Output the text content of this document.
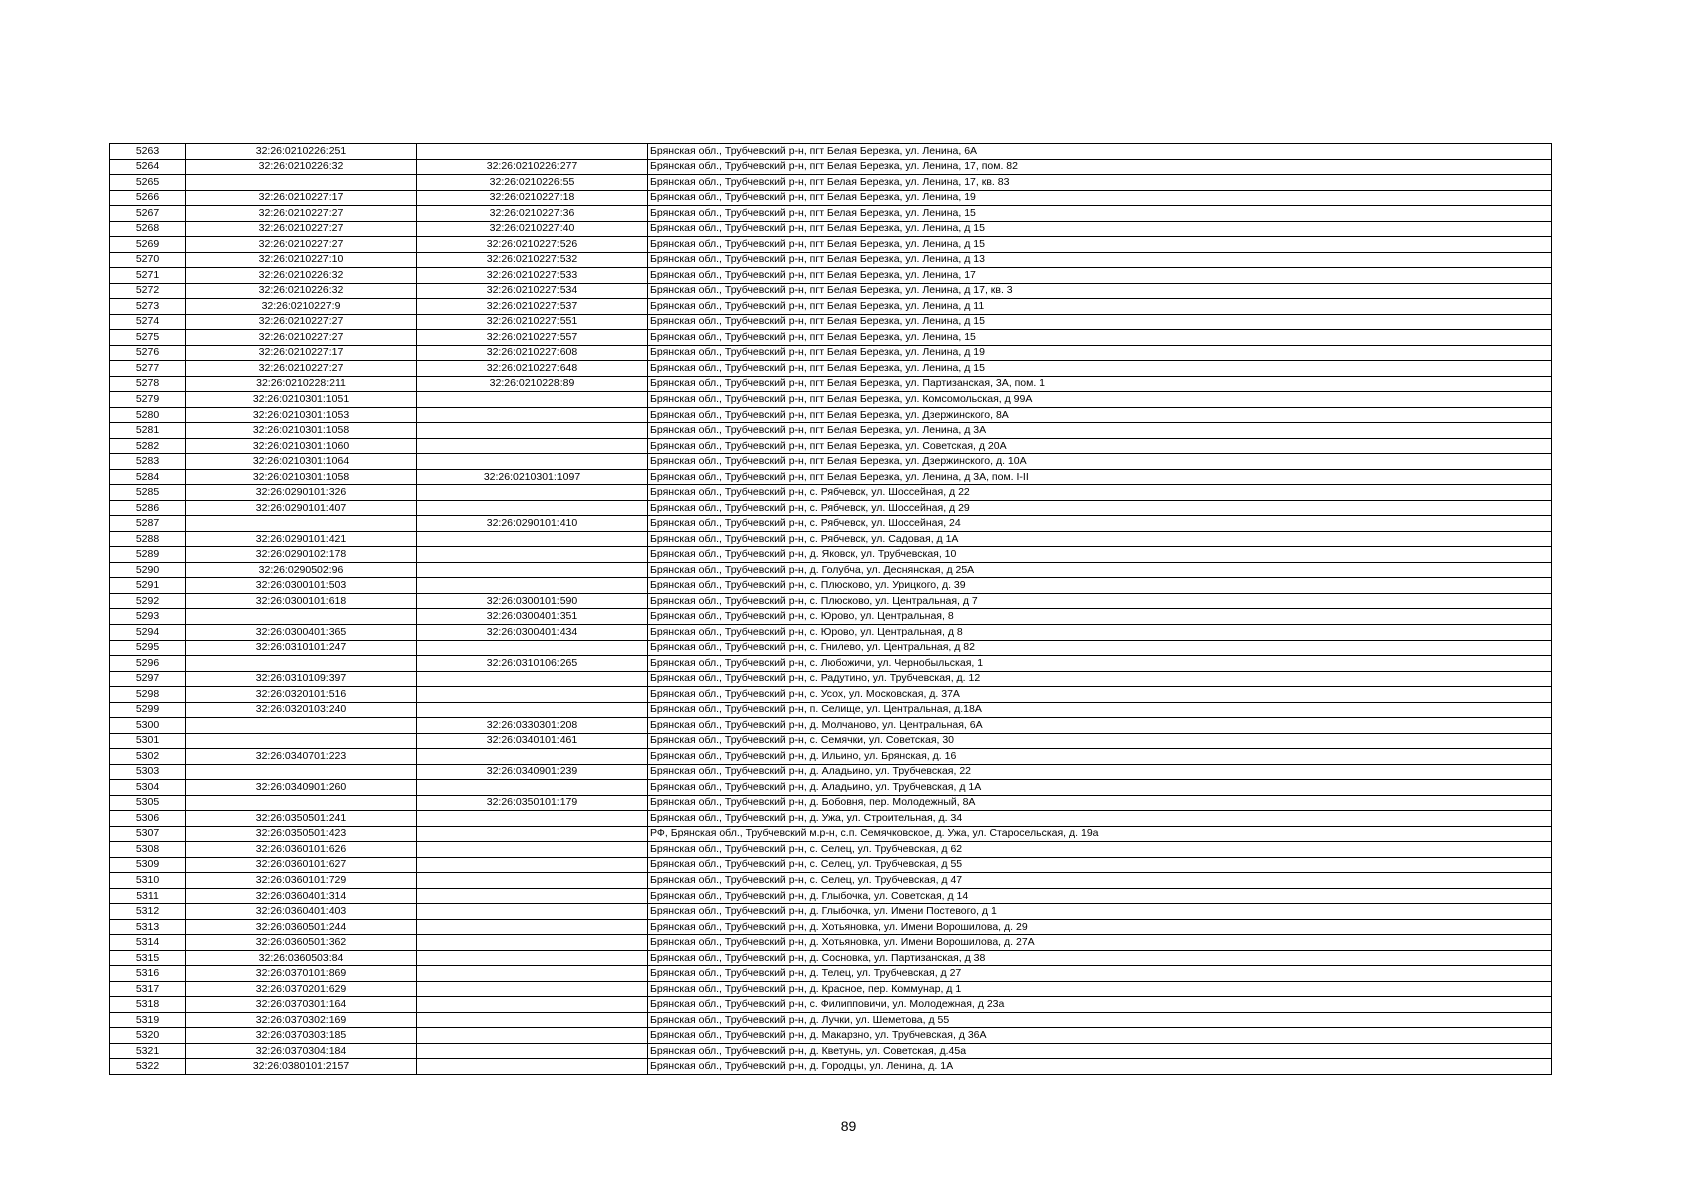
5263	32:26:0210226:251		Брянская обл., Трубчевский р-н, пгт Белая Березка, ул. Ленина, 6А
5264	32:26:0210226:32	32:26:0210226:277	Брянская обл., Трубчевский р-н, пгт Белая Березка, ул. Ленина, 17, пом. 82
5265		32:26:0210226:55	Брянская обл., Трубчевский р-н, пгт Белая Березка, ул. Ленина, 17, кв. 83
5266	32:26:0210227:17	32:26:0210227:18	Брянская обл., Трубчевский р-н, пгт Белая Березка, ул. Ленина, 19
5267	32:26:0210227:27	32:26:0210227:36	Брянская обл., Трубчевский р-н, пгт Белая Березка, ул. Ленина, 15
5268	32:26:0210227:27	32:26:0210227:40	Брянская обл., Трубчевский р-н, пгт Белая Березка, ул. Ленина, д 15
5269	32:26:0210227:27	32:26:0210227:526	Брянская обл., Трубчевский р-н, пгт Белая Березка, ул. Ленина, д 15
5270	32:26:0210227:10	32:26:0210227:532	Брянская обл., Трубчевский р-н, пгт Белая Березка, ул. Ленина, д 13
5271	32:26:0210226:32	32:26:0210227:533	Брянская обл., Трубчевский р-н, пгт Белая Березка, ул. Ленина, 17
5272	32:26:0210226:32	32:26:0210227:534	Брянская обл., Трубчевский р-н, пгт Белая Березка, ул. Ленина, д 17, кв. 3
5273	32:26:0210227:9	32:26:0210227:537	Брянская обл., Трубчевский р-н, пгт Белая Березка, ул. Ленина, д 11
5274	32:26:0210227:27	32:26:0210227:551	Брянская обл., Трубчевский р-н, пгт Белая Березка, ул. Ленина, д 15
5275	32:26:0210227:27	32:26:0210227:557	Брянская обл., Трубчевский р-н, пгт Белая Березка, ул. Ленина, 15
5276	32:26:0210227:17	32:26:0210227:608	Брянская обл., Трубчевский р-н, пгт Белая Березка, ул. Ленина, д 19
5277	32:26:0210227:27	32:26:0210227:648	Брянская обл., Трубчевский р-н, пгт Белая Березка, ул. Ленина, д 15
5278	32:26:0210228:211	32:26:0210228:89	Брянская обл., Трубчевский р-н, пгт Белая Березка, ул. Партизанская, 3А, пом. 1
5279	32:26:0210301:1051		Брянская обл., Трубчевский р-н, пгт Белая Березка, ул. Комсомольская, д 99А
5280	32:26:0210301:1053		Брянская обл., Трубчевский р-н, пгт Белая Березка, ул. Дзержинского, 8А
5281	32:26:0210301:1058		Брянская обл., Трубчевский р-н, пгт Белая Березка, ул. Ленина, д 3А
5282	32:26:0210301:1060		Брянская обл., Трубчевский р-н, пгт Белая Березка, ул. Советская, д 20А
5283	32:26:0210301:1064		Брянская обл., Трубчевский р-н, пгт Белая Березка, ул. Дзержинского, д. 10А
5284	32:26:0210301:1058	32:26:0210301:1097	Брянская обл., Трубчевский р-н, пгт Белая Березка, ул. Ленина, д 3А, пом. I-II
5285	32:26:0290101:326		Брянская обл., Трубчевский р-н, с. Рябчевск, ул. Шоссейная, д 22
5286	32:26:0290101:407		Брянская обл., Трубчевский р-н, с. Рябчевск, ул. Шоссейная, д 29
5287		32:26:0290101:410	Брянская обл., Трубчевский р-н, с. Рябчевск, ул. Шоссейная, 24
5288	32:26:0290101:421		Брянская обл., Трубчевский р-н, с. Рябчевск, ул. Садовая, д 1А
5289	32:26:0290102:178		Брянская обл., Трубчевский р-н, д. Яковск, ул. Трубчевская, 10
5290	32:26:0290502:96		Брянская обл., Трубчевский р-н, д. Голубча, ул. Деснянская, д 25А
5291	32:26:0300101:503		Брянская обл., Трубчевский р-н, с. Плюсково, ул. Урицкого, д. 39
5292	32:26:0300101:618	32:26:0300101:590	Брянская обл., Трубчевский р-н, с. Плюсково, ул. Центральная, д 7
5293		32:26:0300401:351	Брянская обл., Трубчевский р-н, с. Юрово, ул. Центральная, 8
5294	32:26:0300401:365	32:26:0300401:434	Брянская обл., Трубчевский р-н, с. Юрово, ул. Центральная, д 8
5295	32:26:0310101:247		Брянская обл., Трубчевский р-н, с. Гнилево, ул. Центральная, д 82
5296		32:26:0310106:265	Брянская обл., Трубчевский р-н, с. Любожичи, ул. Чернобыльская, 1
5297	32:26:0310109:397		Брянская обл., Трубчевский р-н, с. Радутино, ул. Трубчевская, д. 12
5298	32:26:0320101:516		Брянская обл., Трубчевский р-н, с. Усох, ул. Московская, д. 37А
5299	32:26:0320103:240		Брянская обл., Трубчевский р-н, п. Селище, ул. Центральная, д.18А
5300		32:26:0330301:208	Брянская обл., Трубчевский р-н, д. Молчаново, ул. Центральная, 6А
5301		32:26:0340101:461	Брянская обл., Трубчевский р-н, с. Семячки, ул. Советская, 30
5302	32:26:0340701:223		Брянская обл., Трубчевский р-н, д. Ильино, ул. Брянская, д. 16
5303		32:26:0340901:239	Брянская обл., Трубчевский р-н, д. Аладьино, ул. Трубчевская, 22
5304	32:26:0340901:260		Брянская обл., Трубчевский р-н, д. Аладьино, ул. Трубчевская, д 1А
5305		32:26:0350101:179	Брянская обл., Трубчевский р-н, д. Бобовня, пер. Молодежный, 8А
5306	32:26:0350501:241		Брянская обл., Трубчевский р-н, д. Ужа, ул. Строительная, д. 34
5307	32:26:0350501:423		РФ, Брянская обл., Трубчевский м.р-н, с.п. Семячковское, д. Ужа, ул. Старосельская, д. 19а
5308	32:26:0360101:626		Брянская обл., Трубчевский р-н, с. Селец, ул. Трубчевская, д 62
5309	32:26:0360101:627		Брянская обл., Трубчевский р-н, с. Селец, ул. Трубчевская, д 55
5310	32:26:0360101:729		Брянская обл., Трубчевский р-н, с. Селец, ул. Трубчевская, д 47
5311	32:26:0360401:314		Брянская обл., Трубчевский р-н, д. Глыбочка, ул. Советская, д 14
5312	32:26:0360401:403		Брянская обл., Трубчевский р-н, д. Глыбочка, ул. Имени Постевого, д 1
5313	32:26:0360501:244		Брянская обл., Трубчевский р-н, д. Хотьяновка, ул. Имени Ворошилова, д. 29
5314	32:26:0360501:362		Брянская обл., Трубчевский р-н, д. Хотьяновка, ул. Имени Ворошилова, д. 27А
5315	32:26:0360503:84		Брянская обл., Трубчевский р-н, д. Сосновка, ул. Партизанская, д 38
5316	32:26:0370101:869		Брянская обл., Трубчевский р-н, д. Телец, ул. Трубчевская, д 27
5317	32:26:0370201:629		Брянская обл., Трубчевский р-н, д. Красное, пер. Коммунар, д 1
5318	32:26:0370301:164		Брянская обл., Трубчевский р-н, с. Филипповичи, ул. Молодежная, д 23а
5319	32:26:0370302:169		Брянская обл., Трубчевский р-н, д. Лучки, ул. Шеметова, д 55
5320	32:26:0370303:185		Брянская обл., Трубчевский р-н, д. Макарзно, ул. Трубчевская, д 36А
5321	32:26:0370304:184		Брянская обл., Трубчевский р-н, д. Кветунь, ул. Советская, д.45а
5322	32:26:0380101:2157		Брянская обл., Трубчевский р-н, д. Городцы, ул. Ленина, д. 1А
89
